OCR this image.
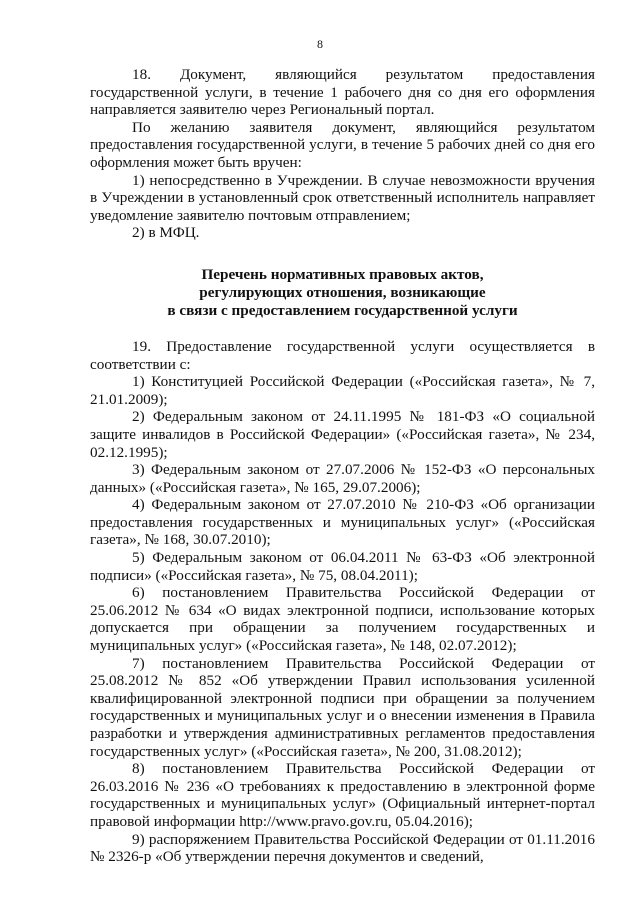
8

18. Документ, являющийся результатом предоставления государственной услуги, в течение 1 рабочего дня со дня его оформления направляется заявителю через Региональный портал.

По желанию заявителя документ, являющийся результатом предоставления государственной услуги, в течение 5 рабочих дней со дня его оформления может быть вручен:

1) непосредственно в Учреждении. В случае невозможности вручения в Учреждении в установленный срок ответственный исполнитель направляет уведомление заявителю почтовым отправлением;

2) в МФЦ.

Перечень нормативных правовых актов,
регулирующих отношения, возникающие
в связи с предоставлением государственной услуги

19. Предоставление государственной услуги осуществляется в соответствии с:

1) Конституцией Российской Федерации («Российская газета», № 7, 21.01.2009);

2) Федеральным законом от 24.11.1995 № 181-ФЗ «О социальной защите инвалидов в Российской Федерации» («Российская газета», № 234, 02.12.1995);

3) Федеральным законом от 27.07.2006 № 152-ФЗ «О персональных данных» («Российская газета», № 165, 29.07.2006);

4) Федеральным законом от 27.07.2010 № 210-ФЗ «Об организации предоставления государственных и муниципальных услуг» («Российская газета», № 168, 30.07.2010);

5) Федеральным законом от 06.04.2011 № 63-ФЗ «Об электронной подписи» («Российская газета», № 75, 08.04.2011);

6) постановлением Правительства Российской Федерации от 25.06.2012 № 634 «О видах электронной подписи, использование которых допускается при обращении за получением государственных и муниципальных услуг» («Российская газета», № 148, 02.07.2012);

7) постановлением Правительства Российской Федерации от 25.08.2012 № 852 «Об утверждении Правил использования усиленной квалифицированной электронной подписи при обращении за получением государственных и муниципальных услуг и о внесении изменения в Правила разработки и утверждения административных регламентов предоставления государственных услуг» («Российская газета», № 200, 31.08.2012);

8) постановлением Правительства Российской Федерации от 26.03.2016 № 236 «О требованиях к предоставлению в электронной форме государственных и муниципальных услуг» (Официальный интернет-портал правовой информации http://www.pravo.gov.ru, 05.04.2016);

9) распоряжением Правительства Российской Федерации от 01.11.2016 № 2326-р «Об утверждении перечня документов и сведений,
